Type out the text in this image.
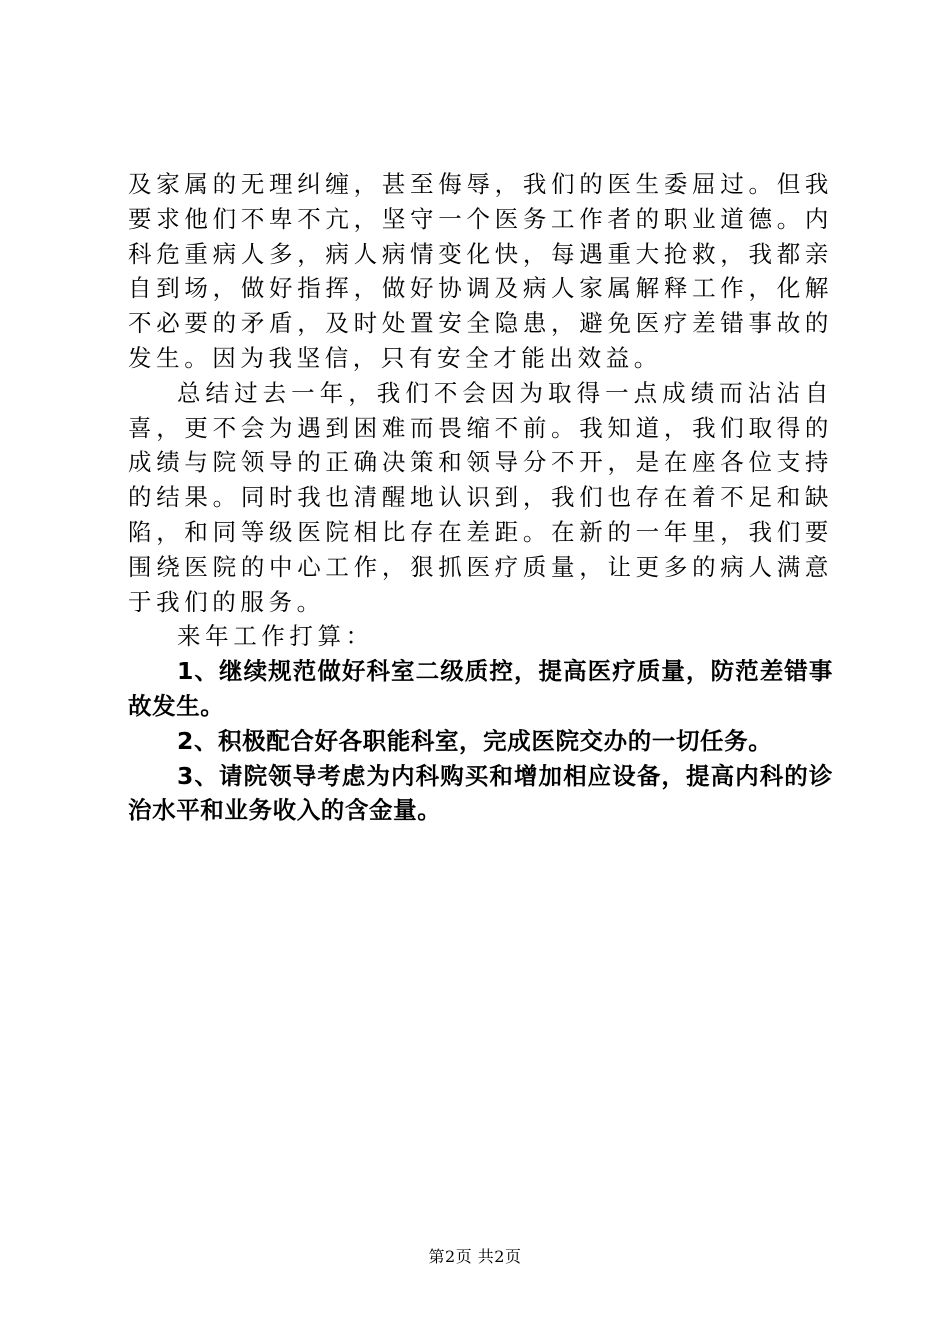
及家属的无理纠缠，甚至侮辱，我们的医生委屈过。但我要求他们不卑不亢，坚守一个医务工作者的职业道德。内科危重病人多，病人病情变化快，每遇重大抢救，我都亲自到场，做好指挥，做好协调及病人家属解释工作，化解不必要的矛盾，及时处置安全隐患，避免医疗差错事故的发生。因为我坚信，只有安全才能出效益。

总结过去一年，我们不会因为取得一点成绩而沾沾自喜，更不会为遇到困难而畏缩不前。我知道，我们取得的成绩与院领导的正确决策和领导分不开，是在座各位支持的结果。同时我也清醒地认识到，我们也存在着不足和缺陷，和同等级医院相比存在差距。在新的一年里，我们要围绕医院的中心工作，狠抓医疗质量，让更多的病人满意于我们的服务。

来年工作打算：

1、继续规范做好科室二级质控，提高医疗质量，防范差错事故发生。

2、积极配合好各职能科室，完成医院交办的一切任务。

3、请院领导考虑为内科购买和增加相应设备，提高内科的诊治水平和业务收入的含金量。

第2页 共2页
